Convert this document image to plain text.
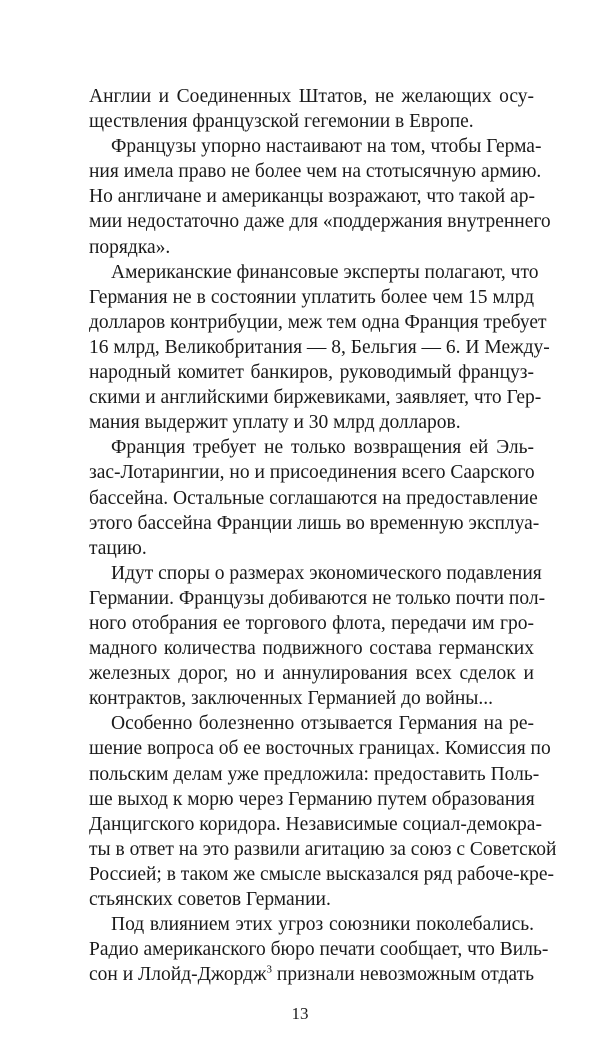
Англии и Соединенных Штатов, не желающих осу-
ществления французской гегемонии в Европе.
Французы упорно настаивают на том, чтобы Герма-
ния имела право не более чем на стотысячную армию.
Но англичане и американцы возражают, что такой ар-
мии недостаточно даже для «поддержания внутреннего
порядка».
Американские финансовые эксперты полагают, что
Германия не в состоянии уплатить более чем 15 млрд
долларов контрибуции, меж тем одна Франция требует
16 млрд, Великобритания — 8, Бельгия — 6. И Между-
народный комитет банкиров, руководимый француз-
скими и английскими биржевиками, заявляет, что Гер-
мания выдержит уплату и 30 млрд долларов.
Франция требует не только возвращения ей Эль-
зас-Лотарингии, но и присоединения всего Саарского
бассейна. Остальные соглашаются на предоставление
этого бассейна Франции лишь во временную эксплуа-
тацию.
Идут споры о размерах экономического подавления
Германии. Французы добиваются не только почти пол-
ного отобрания ее торгового флота, передачи им гро-
мадного количества подвижного состава германских
железных дорог, но и аннулирования всех сделок и
контрактов, заключенных Германией до войны...
Особенно болезненно отзывается Германия на ре-
шение вопроса об ее восточных границах. Комиссия по
польским делам уже предложила: предоставить Поль-
ше выход к морю через Германию путем образования
Данцигского коридора. Независимые социал-демокра-
ты в ответ на это развили агитацию за союз с Советской
Россией; в таком же смысле высказался ряд рабоче-кре-
стьянских советов Германии.
Под влиянием этих угроз союзники поколебались.
Радио американского бюро печати сообщает, что Виль-
сон и Ллойд-Джордж$^3$ признали невозможным отдать
13
